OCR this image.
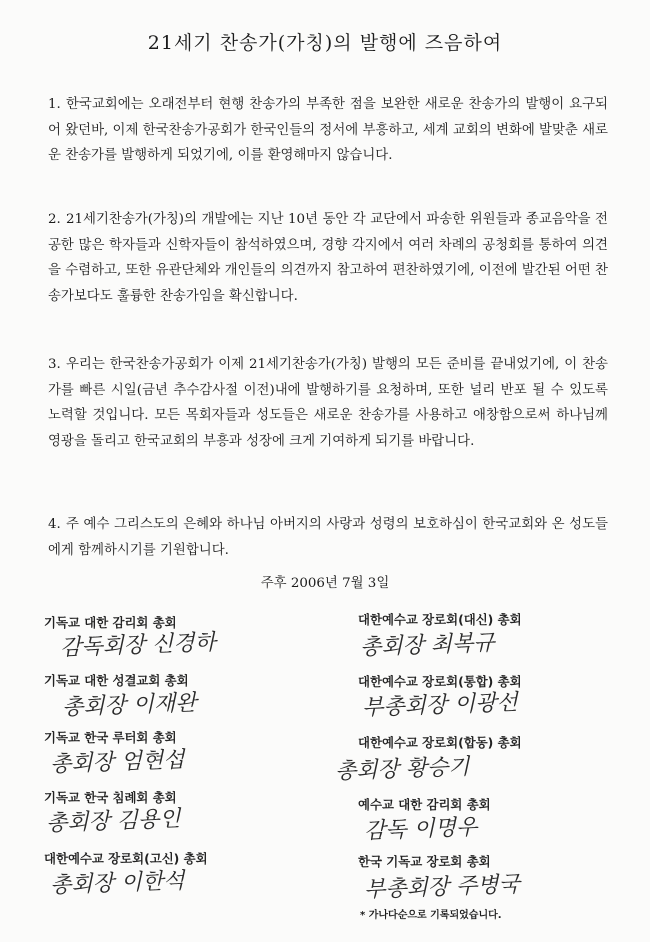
21세기 찬송가(가칭)의 발행에 즈음하여
1. 한국교회에는 오래전부터 현행 찬송가의 부족한 점을 보완한 새로운 찬송가의 발행이 요구되어 왔던바, 이제 한국찬송가공회가 한국인들의 정서에 부흥하고, 세계 교회의 변화에 발맞춘 새로운 찬송가를 발행하게 되었기에, 이를 환영해마지 않습니다.
2. 21세기찬송가(가칭)의 개발에는 지난 10년 동안 각 교단에서 파송한 위원들과 종교음악을 전공한 많은 학자들과 신학자들이 참석하였으며, 경향 각지에서 여러 차례의 공청회를 통하여 의견을 수렴하고, 또한 유관단체와 개인들의 의견까지 참고하여 편찬하였기에, 이전에 발간된 어떤 찬송가보다도 훌륭한 찬송가임을 확신합니다.
3. 우리는 한국찬송가공회가 이제 21세기찬송가(가칭) 발행의 모든 준비를 끝내었기에, 이 찬송가를 빠른 시일(금년 추수감사절 이전)내에 발행하기를 요청하며, 또한 널리 반포 될 수 있도록 노력할 것입니다. 모든 목회자들과 성도들은 새로운 찬송가를 사용하고 애창함으로써 하나님께 영광을 돌리고 한국교회의 부흥과 성장에 크게 기여하게 되기를 바랍니다.
4. 주 예수 그리스도의 은혜와 하나님 아버지의 사랑과 성령의 보호하심이 한국교회와 온 성도들에게 함께하시기를 기원합니다.
주후 2006년 7월 3일
기독교 대한 감리회 총회
감독회장 신경하
기독교 대한 성결교회 총회
총회장 이재완
기독교 한국 루터회 총회
총회장 엄현섭
기독교 한국 침례회 총회
총회장 김용인
대한예수교 장로회(고신) 총회
총회장 이한석
대한예수교 장로회(대신) 총회
총회장 최복규
대한예수교 장로회(통합) 총회
부총회장 이광선
대한예수교 장로회(합동) 총회
총회장 황승기
예수교 대한 감리회 총회
감독 이명우
한국 기독교 장로회 총회
부총회장 주병국
* 가나다순으로 기록되었습니다.
